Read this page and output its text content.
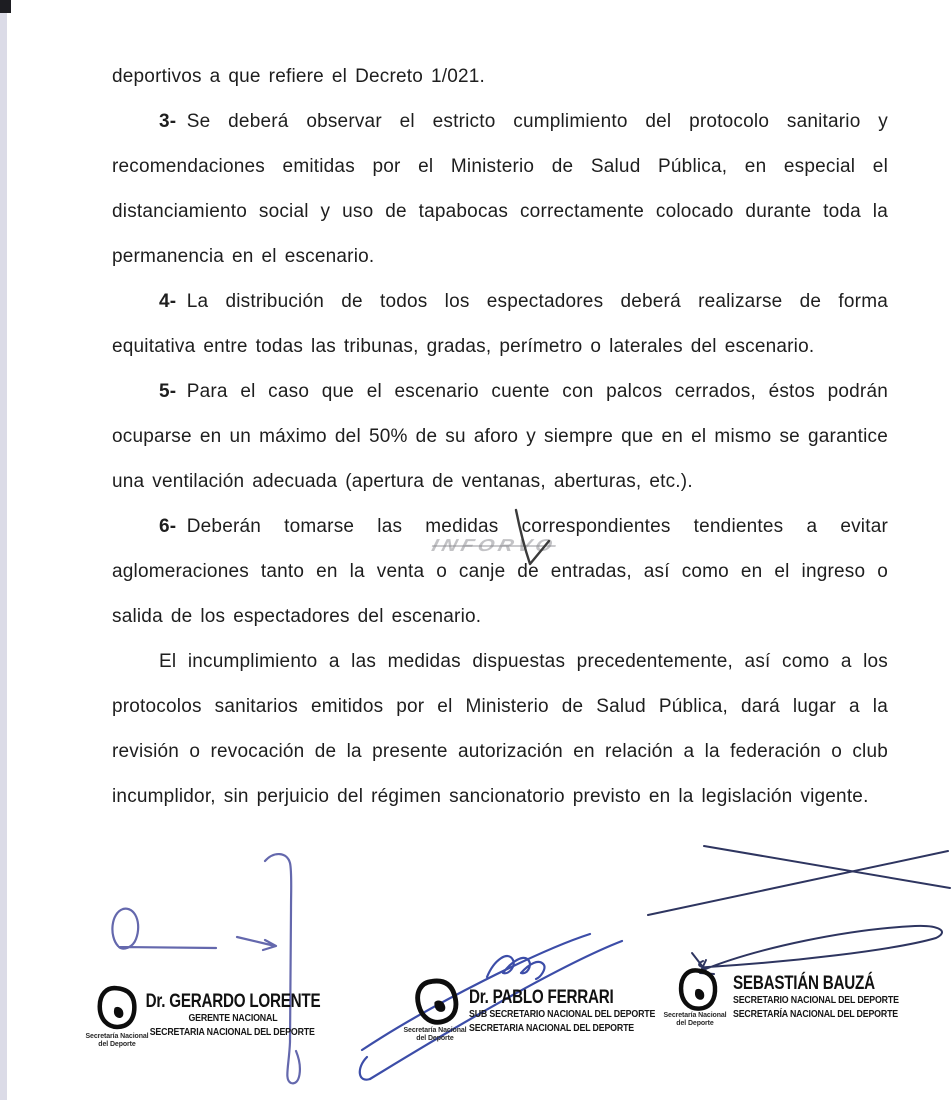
deportivos a que refiere el Decreto 1/021.

3- Se deberá observar el estricto cumplimiento del protocolo sanitario y recomendaciones emitidas por el Ministerio de Salud Pública, en especial el distanciamiento social y uso de tapabocas correctamente colocado durante toda la permanencia en el escenario.

4- La distribución de todos los espectadores deberá realizarse de forma equitativa entre todas las tribunas, gradas, perímetro o laterales del escenario.

5- Para el caso que el escenario cuente con palcos cerrados, éstos podrán ocuparse en un máximo del 50% de su aforo y siempre que en el mismo se garantice una ventilación adecuada (apertura de ventanas, aberturas, etc.).

6- Deberán tomarse las medidas correspondientes tendientes a evitar aglomeraciones tanto en la venta o canje de entradas, así como en el ingreso o salida de los espectadores del escenario.

El incumplimiento a las medidas dispuestas precedentemente, así como a los protocolos sanitarios emitidos por el Ministerio de Salud Pública, dará lugar a la revisión o revocación de la presente autorización en relación a la federación o club incumplidor, sin perjuicio del régimen sancionatorio previsto en la legislación vigente.

INFORVO
Secretaría Nacional del Deporte
Dr. GERARDO LORENTE
GERENTE NACIONAL
SECRETARIA NACIONAL DEL DEPORTE	Secretaría Nacional del Deporte
Dr. PABLO FERRARI
SUB SECRETARIO NACIONAL DEL DEPORTE
SECRETARIA NACIONAL DEL DEPORTE
Secretaría Nacional del Deporte
SEBASTIÁN BAUZÁ
SECRETARIO NACIONAL DEL DEPORTE
SECRETARÍA NACIONAL DEL DEPORTE
